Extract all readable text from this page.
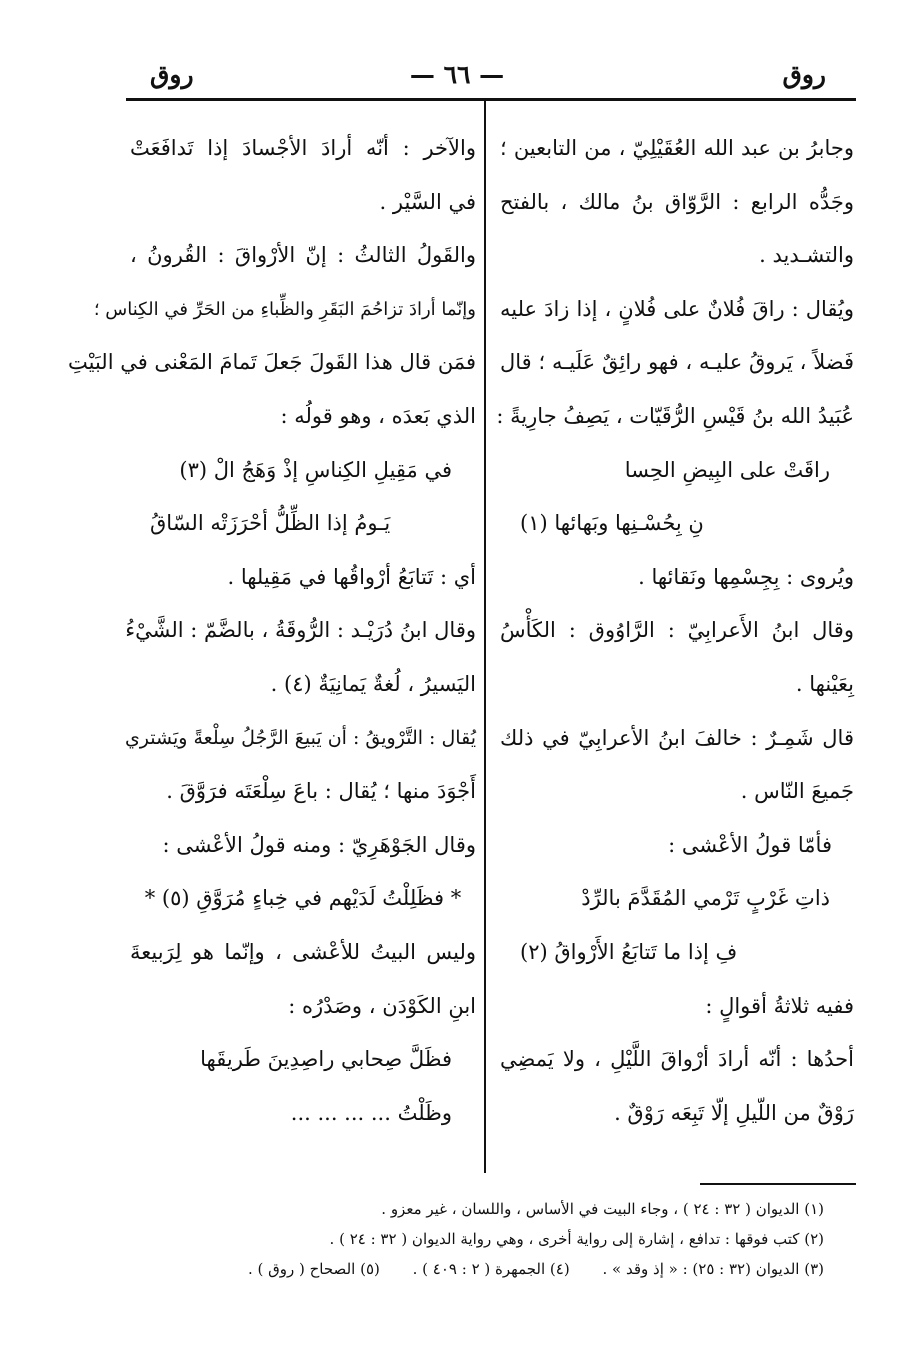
روق
— ٦٦ —
روق
وجابرُ بن عبد الله العُقَيْلِيّ ، من التابعين ؛
وجَدُّه الرابع : الرَّوّاق بنُ مالك ، بالفتح
والتشـديد .
ويُقال : راقَ فُلانٌ على فُلانٍ ، إذا زادَ عليه
فَضلاً ، يَروقُ عليـه ، فهو رائِقٌ عَلَيـه ؛ قال
عُبَيدُ الله بنُ قَيْسِ الرُّقَيّات ، يَصِفُ جارِيةً :
راقَتْ على البِيضِ الحِسا
نِ بِحُسْـنِها وبَهائها (١)
ويُروى : بِجِسْمِها ونَقائها .
وقال ابنُ الأَعرابِيّ : الرَّاوُوق : الكَأْسُ
بِعَيْنها .
قال شَمِـرٌ : خالفَ ابنُ الأعرابِيّ في ذلك
جَميعَ النّاس .
فأمّا قولُ الأعْشى :
ذاتِ غَرْبٍ تَرْمي المُقَدَّمَ بالرِّدْ
فِ إذا ما تَتابَعُ الأَرْواقُ (٢)
ففيه ثلاثةُ أقوالٍ :
أحدُها : أنّه أرادَ أرْواقَ اللَّيْلِ ، ولا يَمضِي
رَوْقٌ من اللّيلِ إلّا تَبِعَه رَوْقٌ .
والآخر : أنّه أرادَ الأجْسادَ إذا تَدافَعَتْ
في السَّيْر .
والقَولُ الثالثُ : إنّ الأرْواقَ : القُرونُ ،
وإنّما أرادَ تزاحُمَ البَقَرِ والظِّباءِ من الحَرِّ في الكِناس ؛
فمَن قال هذا القَولَ جَعلَ تَمامَ المَعْنى في البَيْتِ
الذي بَعدَه ، وهو قولُه :
في مَقِيلِ الكِناسِ إذْ وَهَجُ الْ (٣)
يَـومُ إذا الظِّلُّ أحْرَزَتْه السّاقُ
أي : تَتابَعُ أرْواقُها في مَقِيلها .
وقال ابنُ دُرَيْـد : الرُّوقَةُ ، بالضَّمّ : الشَّيْءُ
اليَسيرُ ، لُغةٌ يَمانِيَةٌ (٤) .
يُقال : التَّرْويقُ : أن يَبيعَ الرَّجُلُ سِلْعةً ويَشتري
أَجْوَدَ منها ؛ يُقال : باعَ سِلْعَتَه فرَوَّقَ .
وقال الجَوْهَرِيّ : ومنه قولُ الأعْشى :
* فظَلِلْتُ لَدَيْهم في خِباءٍ مُرَوَّقِ (٥) *
وليس البيتُ للأعْشى ، وإنّما هو لِرَبيعةَ
ابنِ الكَوْدَن ، وصَدْرُه :
فظَلَّ صِحابي راصِدِينَ طَريقَها
وظَلْتُ ... ... ... ...
(١) الديوان ( ٣٢ : ٢٤ ) ، وجاء البيت في الأساس ، واللسان ، غير معزو .
(٢) كتب فوقها : تدافع ، إشارة إلى رواية أخرى ، وهي رواية الديوان ( ٣٢ : ٢٤ ) .
(٣) الديوان (٣٢ : ٢٥) : « إذ وقد » . (٤) الجمهرة ( ٢ : ٤٠٩ ) . (٥) الصحاح ( روق ) .
